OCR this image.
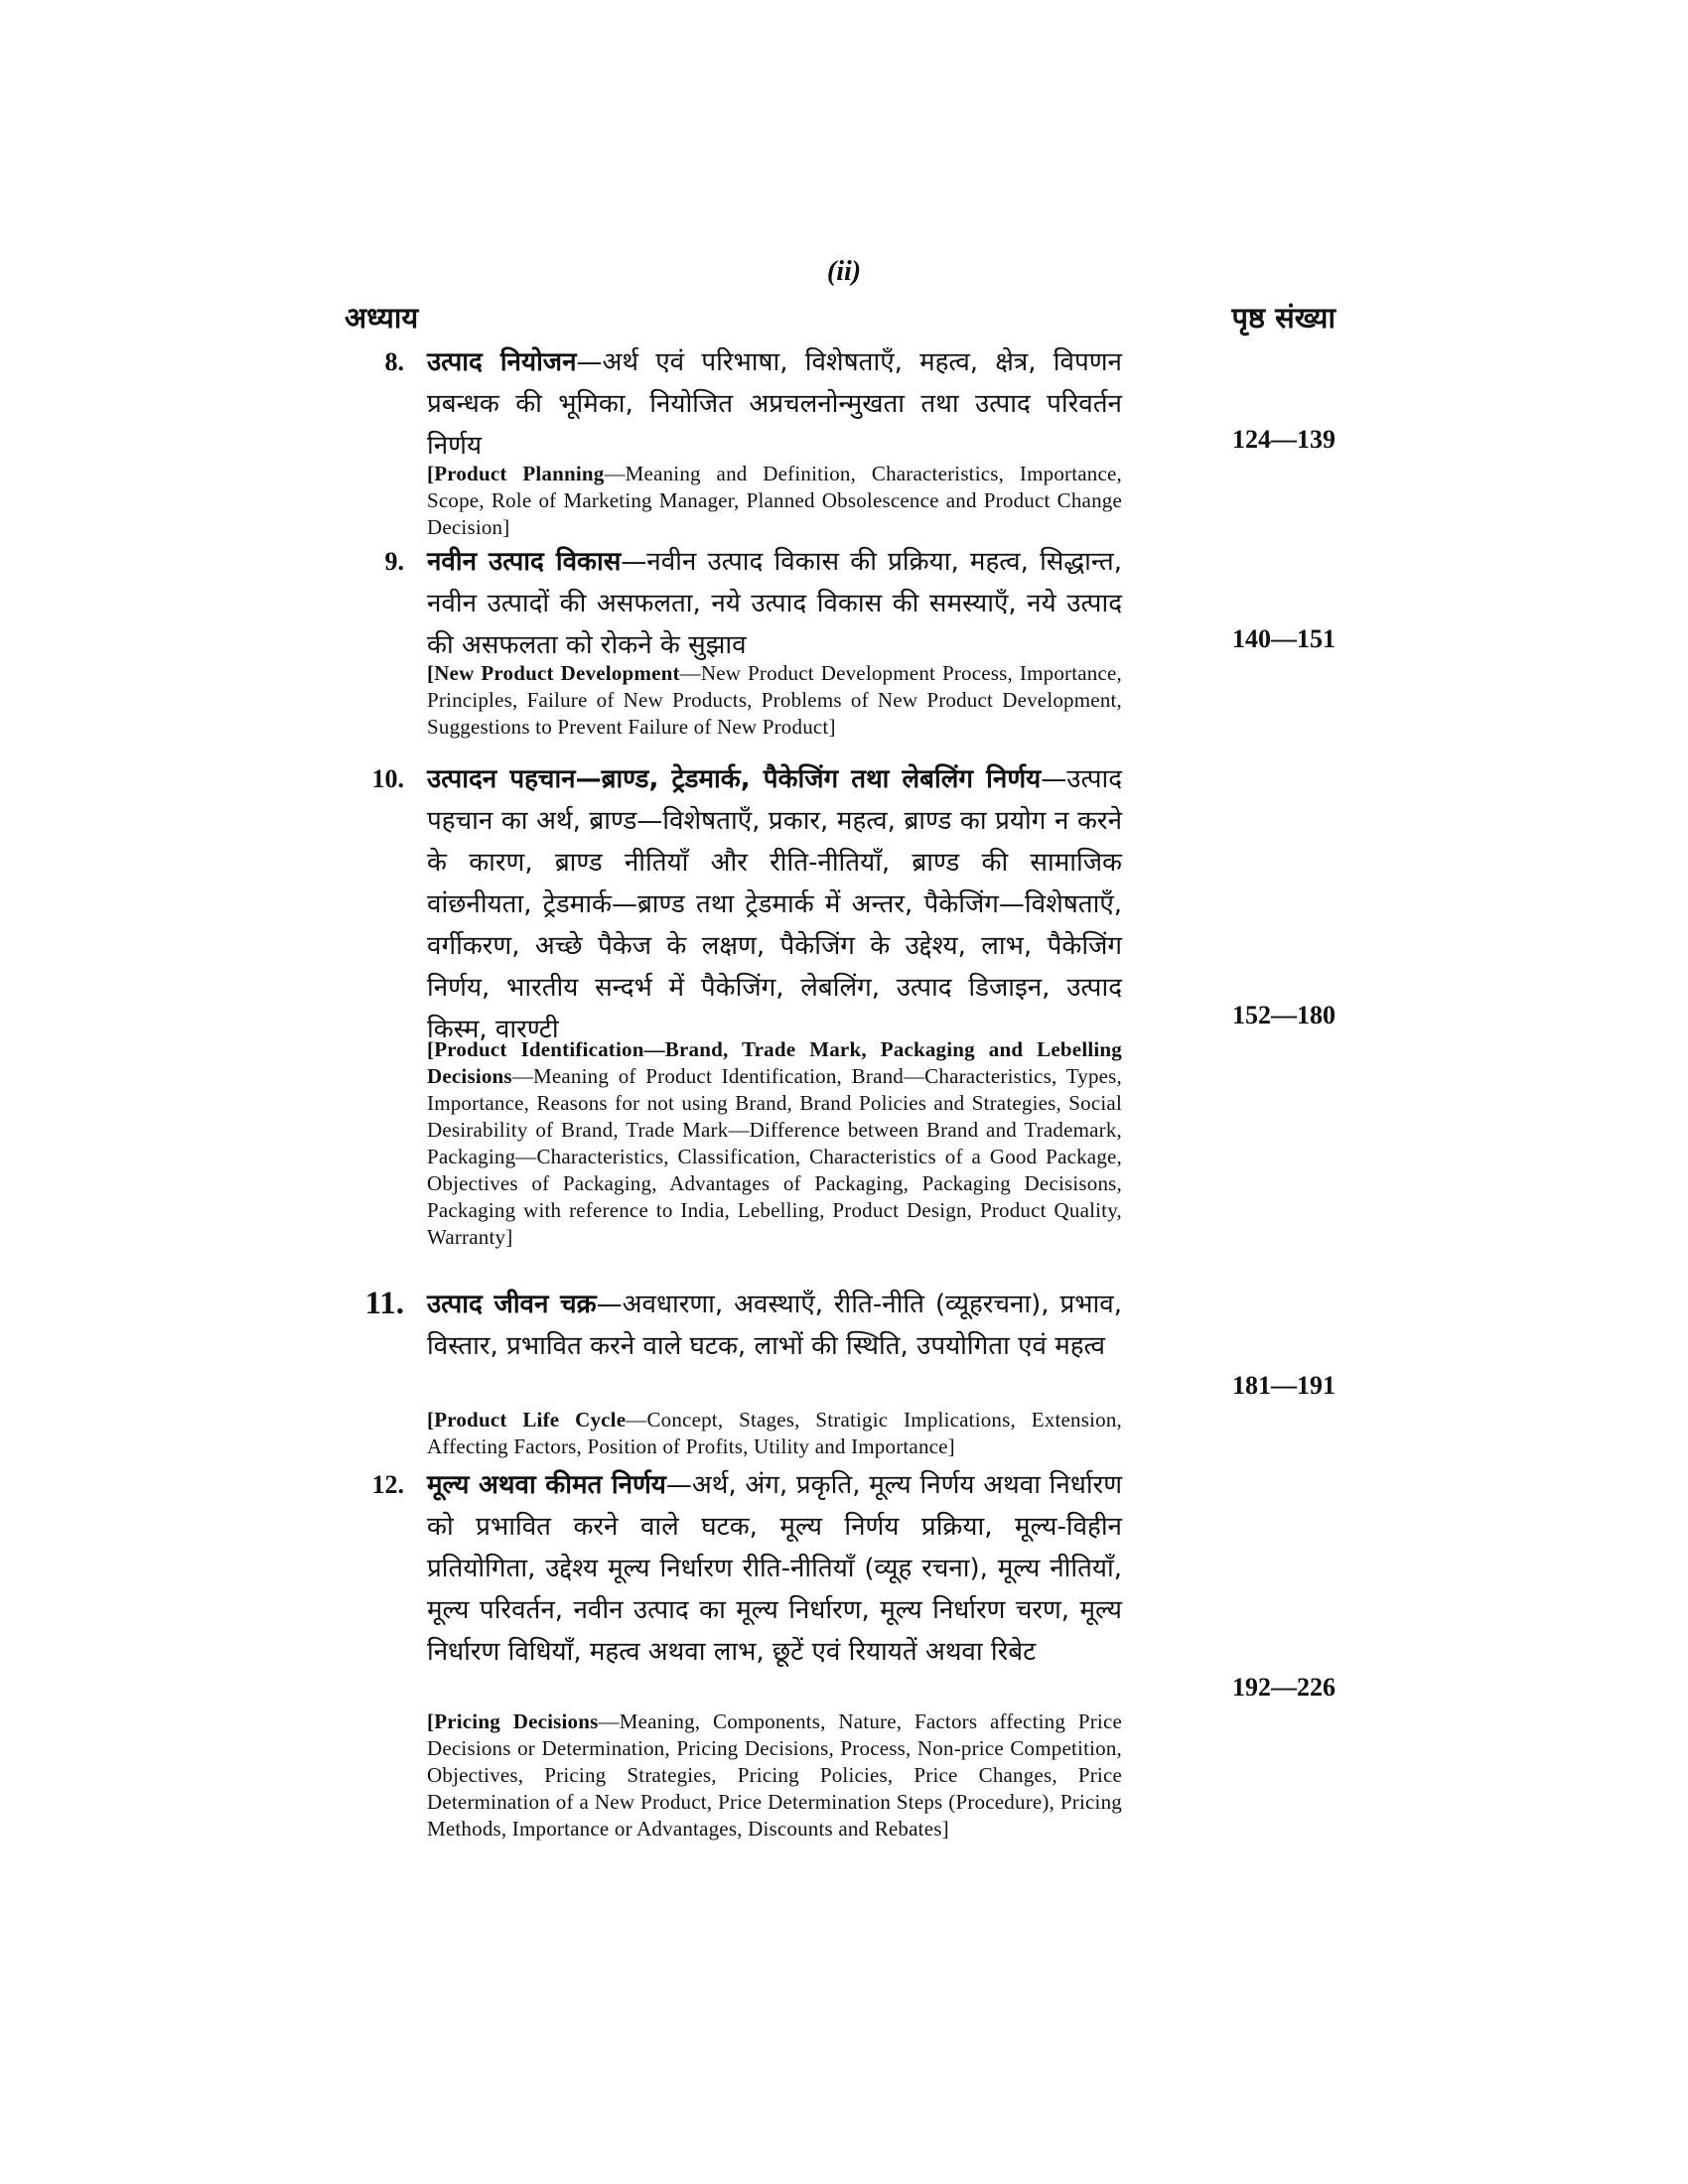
(ii)
अध्याय	पृष्ठ संख्या
8. उत्पाद नियोजन—अर्थ एवं परिभाषा, विशेषताएँ, महत्व, क्षेत्र, विपणन प्रबन्धक की भूमिका, नियोजित अप्रचलनोन्मुखता तथा उत्पाद परिवर्तन निर्णय
[Product Planning—Meaning and Definition, Characteristics, Importance, Scope, Role of Marketing Manager, Planned Obsolescence and Product Change Decision]
124—139
9. नवीन उत्पाद विकास—नवीन उत्पाद विकास की प्रक्रिया, महत्व, सिद्धान्त, नवीन उत्पादों की असफलता, नये उत्पाद विकास की समस्याएँ, नये उत्पाद की असफलता को रोकने के सुझाव
[New Product Development—New Product Development Process, Importance, Principles, Failure of New Products, Problems of New Product Development, Suggestions to Prevent Failure of New Product]
140—151
10. उत्पादन पहचान—ब्राण्ड, ट्रेडमार्क, पैकेजिंग तथा लेबलिंग निर्णय—उत्पाद पहचान का अर्थ, ब्राण्ड—विशेषताएँ, प्रकार, महत्व, ब्राण्ड का प्रयोग न करने के कारण, ब्राण्ड नीतियाँ और रीति-नीतियाँ, ब्राण्ड की सामाजिक वांछनीयता, ट्रेडमार्क—ब्राण्ड तथा ट्रेडमार्क में अन्तर, पैकेजिंग—विशेषताएँ, वर्गीकरण, अच्छे पैकेज के लक्षण, पैकेजिंग के उद्देश्य, लाभ, पैकेजिंग निर्णय, भारतीय सन्दर्भ में पैकेजिंग, लेबलिंग, उत्पाद डिजाइन, उत्पाद किस्म, वारण्टी
[Product Identification—Brand, Trade Mark, Packaging and Lebelling Decisions—Meaning of Product Identification, Brand—Characteristics, Types, Importance, Reasons for not using Brand, Brand Policies and Strategies, Social Desirability of Brand, Trade Mark—Difference between Brand and Trademark, Packaging—Characteristics, Classification, Characteristics of a Good Package, Objectives of Packaging, Advantages of Packaging, Packaging Decisisons, Packaging with reference to India, Lebelling, Product Design, Product Quality, Warranty]
152—180
11. उत्पाद जीवन चक्र—अवधारणा, अवस्थाएँ, रीति-नीति (व्यूहरचना), प्रभाव, विस्तार, प्रभावित करने वाले घटक, लाभों की स्थिति, उपयोगिता एवं महत्व
[Product Life Cycle—Concept, Stages, Stratigic Implications, Extension, Affecting Factors, Position of Profits, Utility and Importance]
181—191
12. मूल्य अथवा कीमत निर्णय—अर्थ, अंग, प्रकृति, मूल्य निर्णय अथवा निर्धारण को प्रभावित करने वाले घटक, मूल्य निर्णय प्रक्रिया, मूल्य-विहीन प्रतियोगिता, उद्देश्य मूल्य निर्धारण रीति-नीतियाँ (व्यूह रचना), मूल्य नीतियाँ, मूल्य परिवर्तन, नवीन उत्पाद का मूल्य निर्धारण, मूल्य निर्धारण चरण, मूल्य निर्धारण विधियाँ, महत्व अथवा लाभ, छूटें एवं रियायतें अथवा रिबेट
[Pricing Decisions—Meaning, Components, Nature, Factors affecting Price Decisions or Determination, Pricing Decisions, Process, Non-price Competition, Objectives, Pricing Strategies, Pricing Policies, Price Changes, Price Determination of a New Product, Price Determination Steps (Procedure), Pricing Methods, Importance or Advantages, Discounts and Rebates]
192—226
